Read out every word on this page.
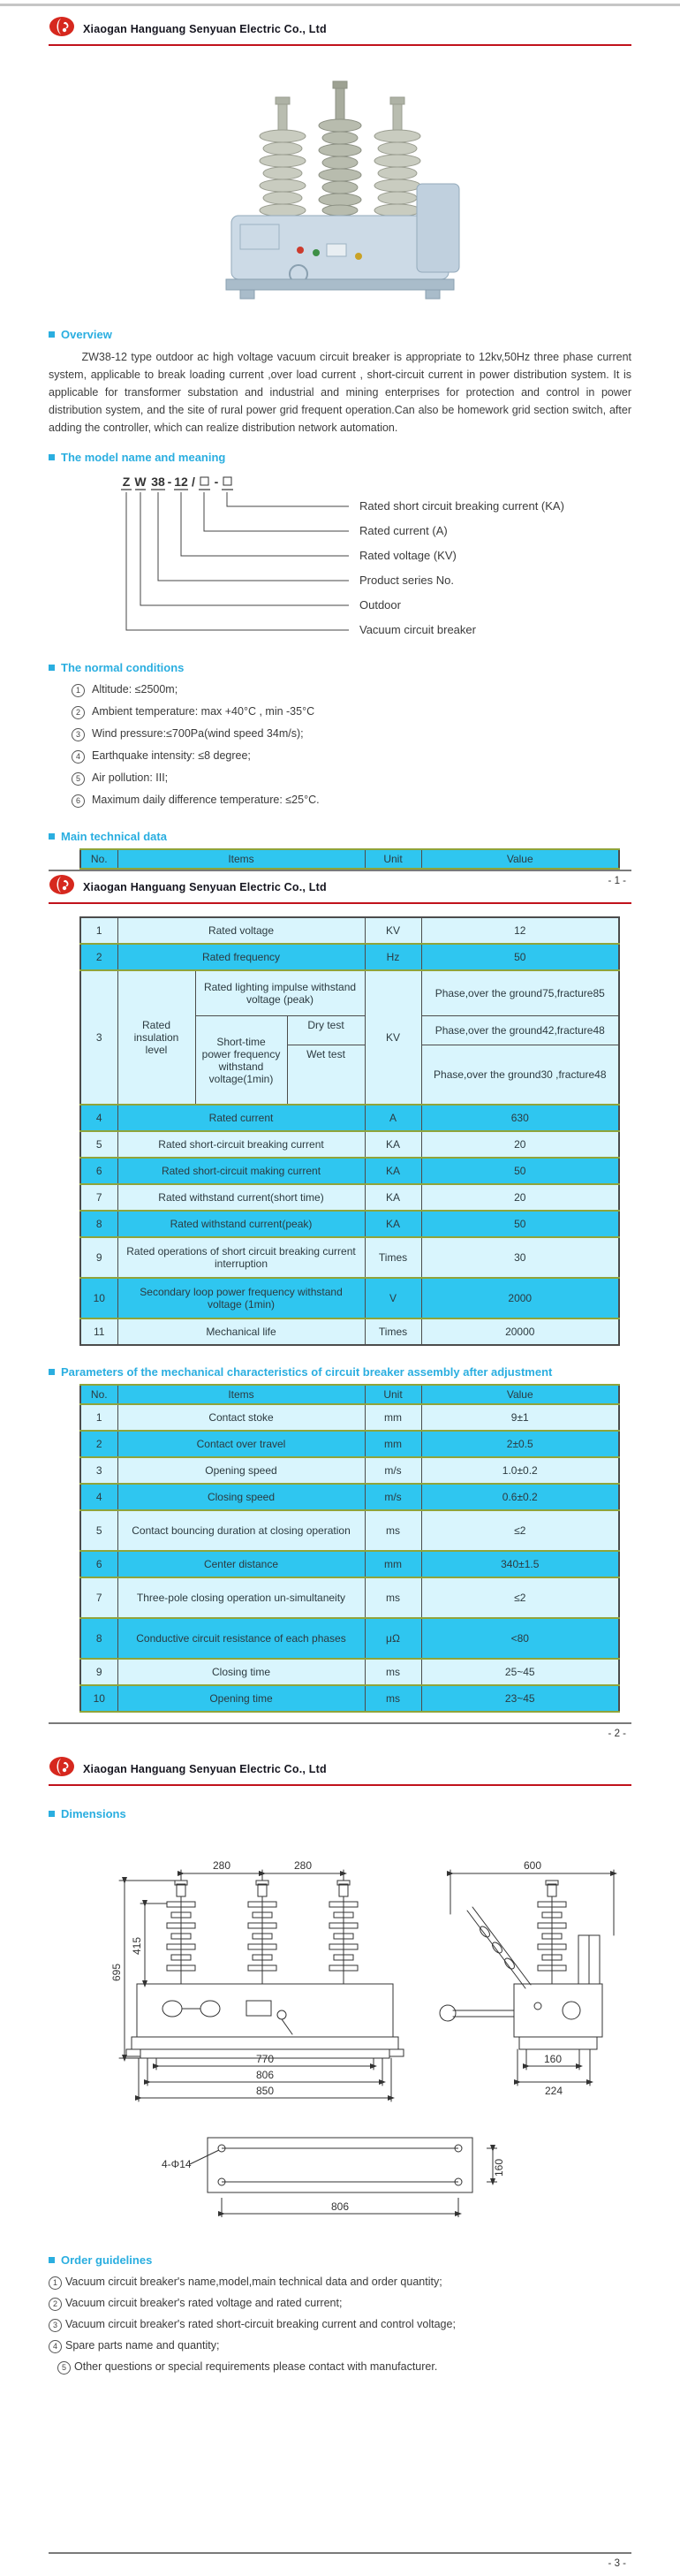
Xiaogan Hanguang Senyuan Electric Co., Ltd
Overview

ZW38-12 type outdoor ac high voltage vacuum circuit breaker is appropriate to 12kv,50Hz three phase current system, applicable to break loading current ,over load current , short-circuit current in power distribution system. It is applicable for transformer substation and industrial and mining enterprises for protection and control in power distribution system, and the site of rural power grid frequent operation.Can also be homework grid section switch, after adding the controller, which can realize distribution network automation.

The model name and meaning
Z W 38 - 12 / -
Rated short circuit breaking current (KA)
Rated current (A)
Rated voltage (KV)
Product series No.
Outdoor
Vacuum circuit breaker
The normal conditions
1	Altitude: ≤2500m;
2	Ambient temperature: max +40°C , min -35°C
3	Wind pressure:≤700Pa(wind speed 34m/s);
4	Earthquake intensity: ≤8 degree;
5	Air pollution: III;
6	Maximum daily difference temperature: ≤25°C.
Main technical data
No.	Items	Unit	Value
- 1 -
Xiaogan Hanguang Senyuan Electric Co., Ltd
1	Rated voltage			KV	12
2	Rated frequency			Hz	50
3	Rated insulation level	Rated lighting impulse withstand voltage (peak)		KV	Phase,over the ground75,fracture85
		Short-time power frequency withstand voltage(1min)	Dry test		Phase,over the ground42,fracture48
			Wet test		Phase,over the ground30 ,fracture48
4	Rated current			A	630
5	Rated short-circuit breaking current			KA	20
6	Rated short-circuit making current			KA	50
7	Rated withstand current(short time)			KA	20
8	Rated withstand current(peak)			KA	50
9	Rated operations of short circuit breaking current interruption			Times	30
10	Secondary loop power frequency withstand voltage (1min)			V	2000
11	Mechanical life			Times	20000
Parameters of the mechanical characteristics of circuit breaker assembly after adjustment
No.	Items	Unit	Value
1	Contact stoke	mm	9±1
2	Contact over travel	mm	2±0.5
3	Opening speed	m/s	1.0±0.2
4	Closing speed	m/s	0.6±0.2
5	Contact bouncing duration at closing operation	ms	≤2
6	Center distance	mm	340±1.5
7	Three-pole closing operation un-simultaneity	ms	≤2
8	Conductive circuit resistance of each phases	μΩ	<80
9	Closing time	ms	25~45
10	Opening time	ms	23~45
- 2 -
Xiaogan Hanguang Senyuan Electric Co., Ltd
Dimensions
280	280
695
415
770
806
850
600
160
224
4-Φ14	160
806
Order guidelines
1 Vacuum circuit breaker's name,model,main technical data and order quantity;
2 Vacuum circuit breaker's rated voltage and rated current;
3 Vacuum circuit breaker's rated short-circuit breaking current and control voltage;
4 Spare parts name and quantity;
5 Other questions or special requirements please contact with manufacturer.
- 3 -
